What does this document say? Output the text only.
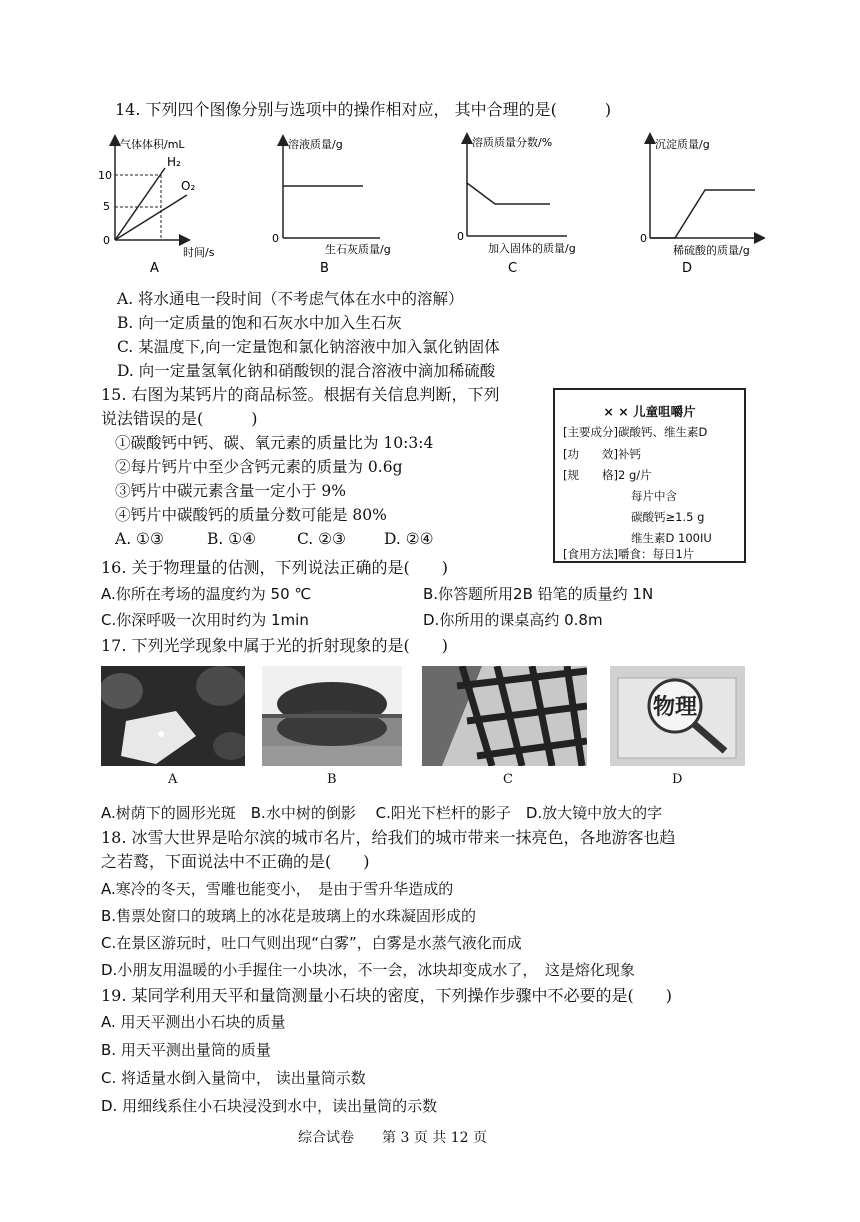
14. 下列四个图像分别与选项中的操作相对应， 其中合理的是(　　　)
气体体积/mL
时间/s
0
10
5
H₂
O₂
A
溶液质量/g
生石灰质量/g
0
B
溶质质量分数/%
加入固体的质量/g
0
C
沉淀质量/g
稀硫酸的质量/g
0
D
A. 将水通电一段时间（不考虑气体在水中的溶解）
B. 向一定质量的饱和石灰水中加入生石灰
C. 某温度下,向一定量饱和氯化钠溶液中加入氯化钠固体
D. 向一定量氢氧化钠和硝酸钡的混合溶液中滴加稀硫酸
15. 右图为某钙片的商品标签。根据有关信息判断，下列
说法错误的是(　　　)
①碳酸钙中钙、碳、氧元素的质量比为 10:3:4
②每片钙片中至少含钙元素的质量为 0.6g
③钙片中碳元素含量一定小于 9%
④钙片中碳酸钙的质量分数可能是 80%
A. ①③	B. ①④	C. ②③ D. ②④
× × 儿童咀嚼片
[主要成分]碳酸钙、维生素D
[功　　效]补钙
[规　　格]2 g/片
每片中含
碳酸钙≥1.5 g
维生素D 100IU
[食用方法]嚼食：每日1片
16. 关于物理量的估测，下列说法正确的是(　　)
A.你所在考场的温度约为 50 ℃	B.你答题所用2B 铅笔的质量约 1N
C.你深呼吸一次用时约为 1min	D.你所用的课桌高约 0.8m
17. 下列光学现象中属于光的折射现象的是(　　)
A	B	C
物理
D
A.树荫下的圆形光斑　B.水中树的倒影　 C.阳光下栏杆的影子　D.放大镜中放大的字
18. 冰雪大世界是哈尔滨的城市名片，给我们的城市带来一抹亮色，各地游客也趋
之若鹜，下面说法中不正确的是(　　)
A.寒冷的冬天，雪雕也能变小，　是由于雪升华造成的
B.售票处窗口的玻璃上的冰花是玻璃上的水珠凝固形成的
C.在景区游玩时，吐口气则出现“白雾”，白雾是水蒸气液化而成
D.小朋友用温暖的小手握住一小块冰，不一会，冰块却变成水了，　这是熔化现象
19. 某同学利用天平和量筒测量小石块的密度，下列操作步骤中不必要的是(　　)
A. 用天平测出小石块的质量
B. 用天平测出量筒的质量
C. 将适量水倒入量筒中， 读出量筒示数
D. 用细线系住小石块浸没到水中，读出量筒的示数
综合试卷　　第 3 页 共 12 页
